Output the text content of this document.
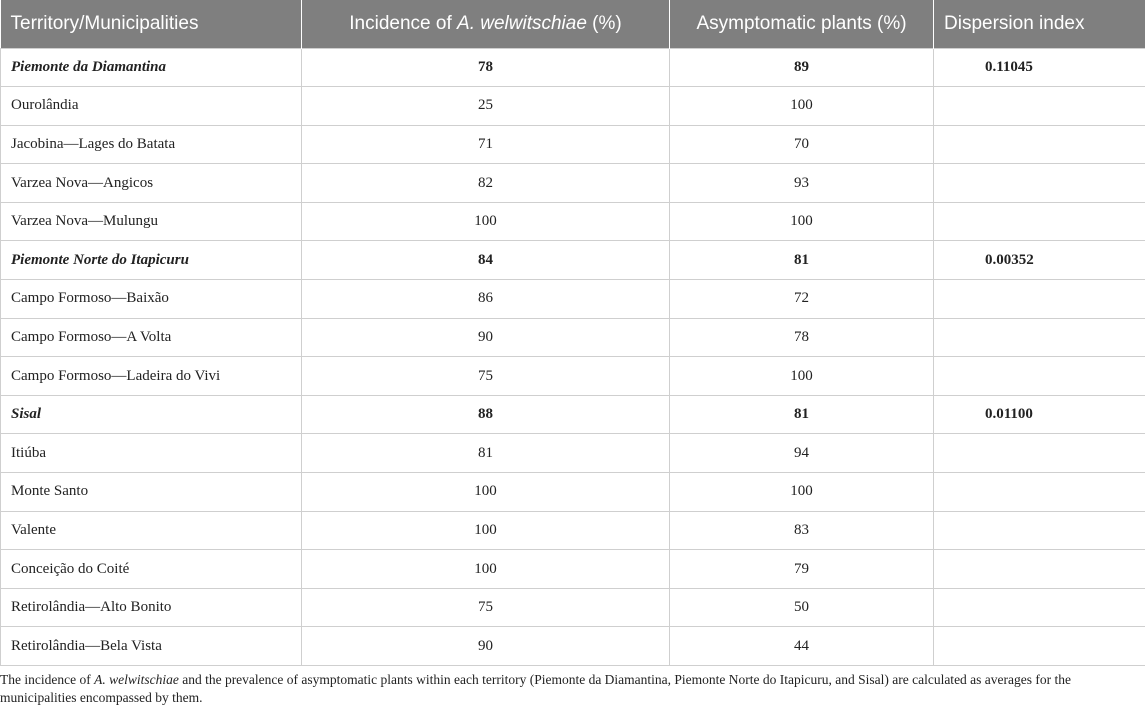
Territory/Municipalities	Incidence of A. welwitschiae (%)	Asymptomatic plants (%)	Dispersion index
Piemonte da Diamantina	78	89	0.11045
Ourolândia	25	100	
Jacobina—Lages do Batata	71	70	
Varzea Nova—Angicos	82	93	
Varzea Nova—Mulungu	100	100	
Piemonte Norte do Itapicuru	84	81	0.00352
Campo Formoso—Baixão	86	72	
Campo Formoso—A Volta	90	78	
Campo Formoso—Ladeira do Vivi	75	100	
Sisal	88	81	0.01100
Itiúba	81	94	
Monte Santo	100	100	
Valente	100	83	
Conceição do Coité	100	79	
Retirolândia—Alto Bonito	75	50	
Retirolândia—Bela Vista	90	44	
The incidence of A. welwitschiae and the prevalence of asymptomatic plants within each territory (Piemonte da Diamantina, Piemonte Norte do Itapicuru, and Sisal) are calculated as averages for the municipalities encompassed by them.
